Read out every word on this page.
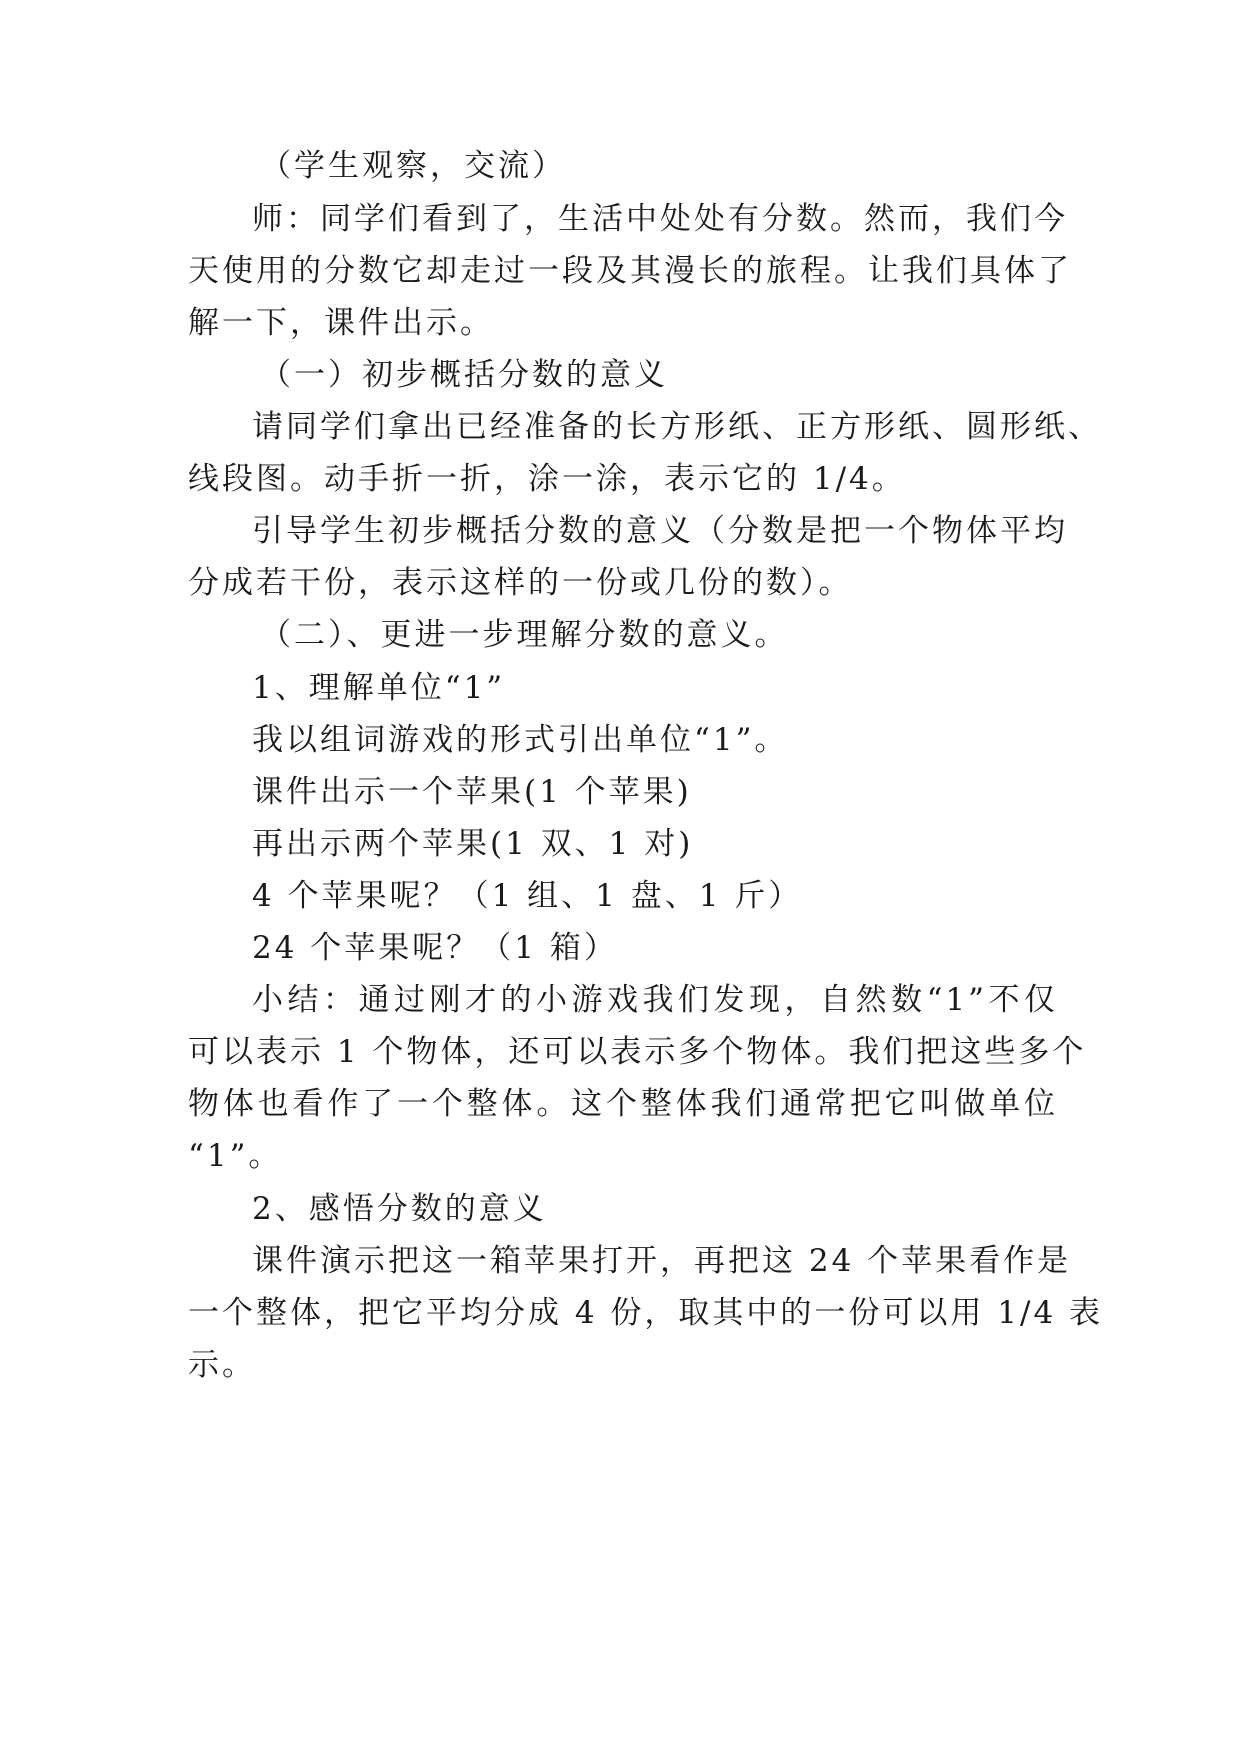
（学生观察，交流）
师：同学们看到了，生活中处处有分数。然而，我们今
天使用的分数它却走过一段及其漫长的旅程。让我们具体了
解一下，课件出示。
（一）初步概括分数的意义
请同学们拿出已经准备的长方形纸、正方形纸、圆形纸、
线段图。动手折一折，涂一涂，表示它的 1/4。
引导学生初步概括分数的意义（分数是把一个物体平均
分成若干份，表示这样的一份或几份的数）。
（二）、更进一步理解分数的意义。
1、理解单位“1”
我以组词游戏的形式引出单位“1”。
课件出示一个苹果(1 个苹果)
再出示两个苹果(1 双、1 对)
4 个苹果呢？（1 组、1 盘、1 斤）
24 个苹果呢？（1 箱）
小结：通过刚才的小游戏我们发现，自然数“1”不仅
可以表示 1 个物体，还可以表示多个物体。我们把这些多个
物体也看作了一个整体。这个整体我们通常把它叫做单位
“1”。
2、感悟分数的意义
课件演示把这一箱苹果打开，再把这 24 个苹果看作是
一个整体，把它平均分成 4 份，取其中的一份可以用 1/4 表
示。
